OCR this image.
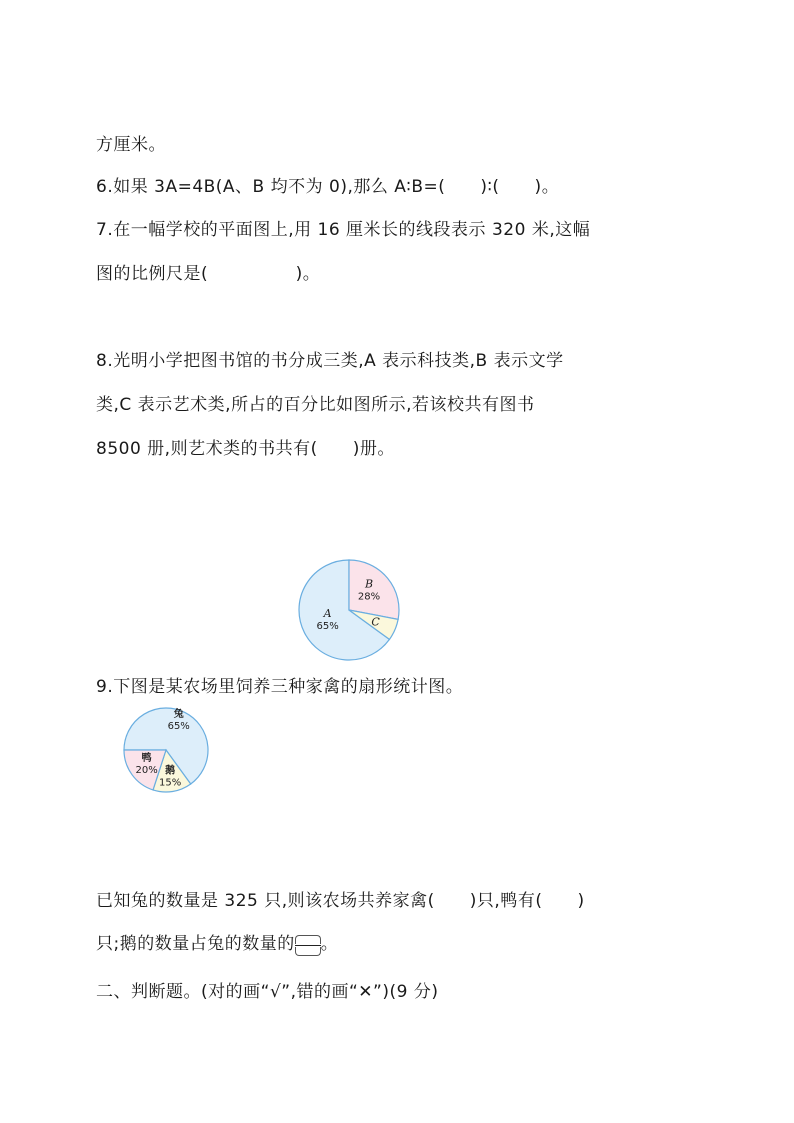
方厘米。
6.如果 3A=4B(A、B 均不为 0),那么 A∶B=(　　)∶(　　)。
7.在一幅学校的平面图上,用 16 厘米长的线段表示 320 米,这幅
图的比例尺是(　　　　　)。
8.光明小学把图书馆的书分成三类,A 表示科技类,B 表示文学
类,C 表示艺术类,所占的百分比如图所示,若该校共有图书
8500 册,则艺术类的书共有(　　)册。
A
65%
B
28%
C
9.下图是某农场里饲养三种家禽的扇形统计图。
兔
65%
鹅
15%
鸭
20%
已知兔的数量是 325 只,则该农场共养家禽(　　)只,鸭有(　　)
只;鹅的数量占兔的数量的 。
二、判断题。(对的画“√”,错的画“✕”)(9 分)
